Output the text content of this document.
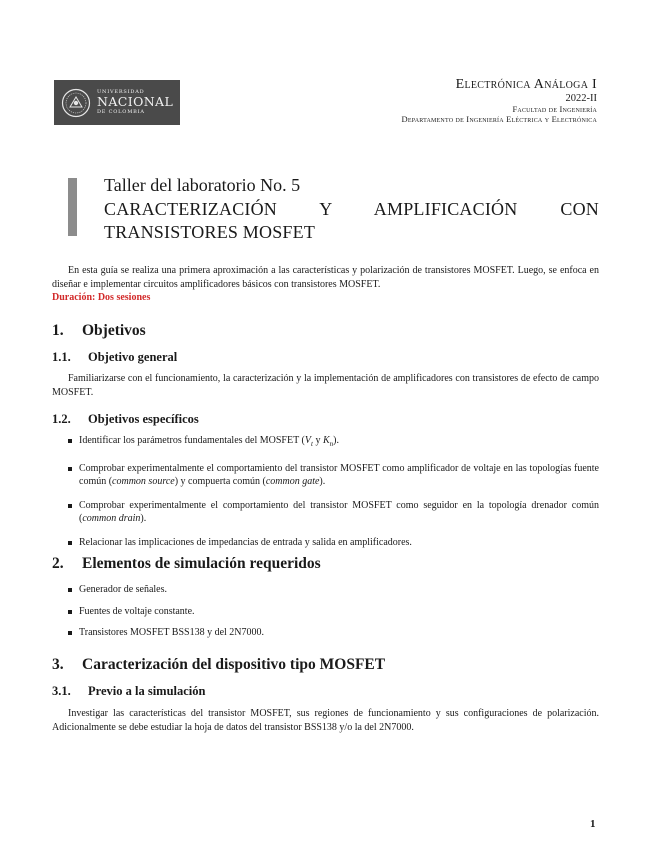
UNIVERSIDAD
NACIONAL
DE COLOMBIA
Electrónica Análoga I
2022-II
Facultad de Ingeniería
Departamento de Ingeniería Eléctrica y Electrónica
Taller del laboratorio No. 5
CARACTERIZACIÓN Y AMPLIFICACIÓN CON TRANSISTORES MOSFET
En esta guía se realiza una primera aproximación a las características y polarización de transistores MOSFET. Luego, se enfoca en diseñar e implementar circuitos amplificadores básicos con transistores MOSFET.
Duración: Dos sesiones
1. Objetivos
1.1. Objetivo general
Familiarizarse con el funcionamiento, la caracterización y la implementación de amplificadores con transistores de efecto de campo MOSFET.
1.2. Objetivos específicos
Identificar los parámetros fundamentales del MOSFET ($V_t$ y $K_n$).
Comprobar experimentalmente el comportamiento del transistor MOSFET como amplificador de voltaje en las topologías fuente común (common source) y compuerta común (common gate).
Comprobar experimentalmente el comportamiento del transistor MOSFET como seguidor en la topología drenador común (common drain).
Relacionar las implicaciones de impedancias de entrada y salida en amplificadores.
2. Elementos de simulación requeridos
Generador de señales.
Fuentes de voltaje constante.
Transistores MOSFET BSS138 y del 2N7000.
3. Caracterización del dispositivo tipo MOSFET
3.1. Previo a la simulación
Investigar las características del transistor MOSFET, sus regiones de funcionamiento y sus configuraciones de polarización. Adicionalmente se debe estudiar la hoja de datos del transistor BSS138 y/o la del 2N7000.
1
